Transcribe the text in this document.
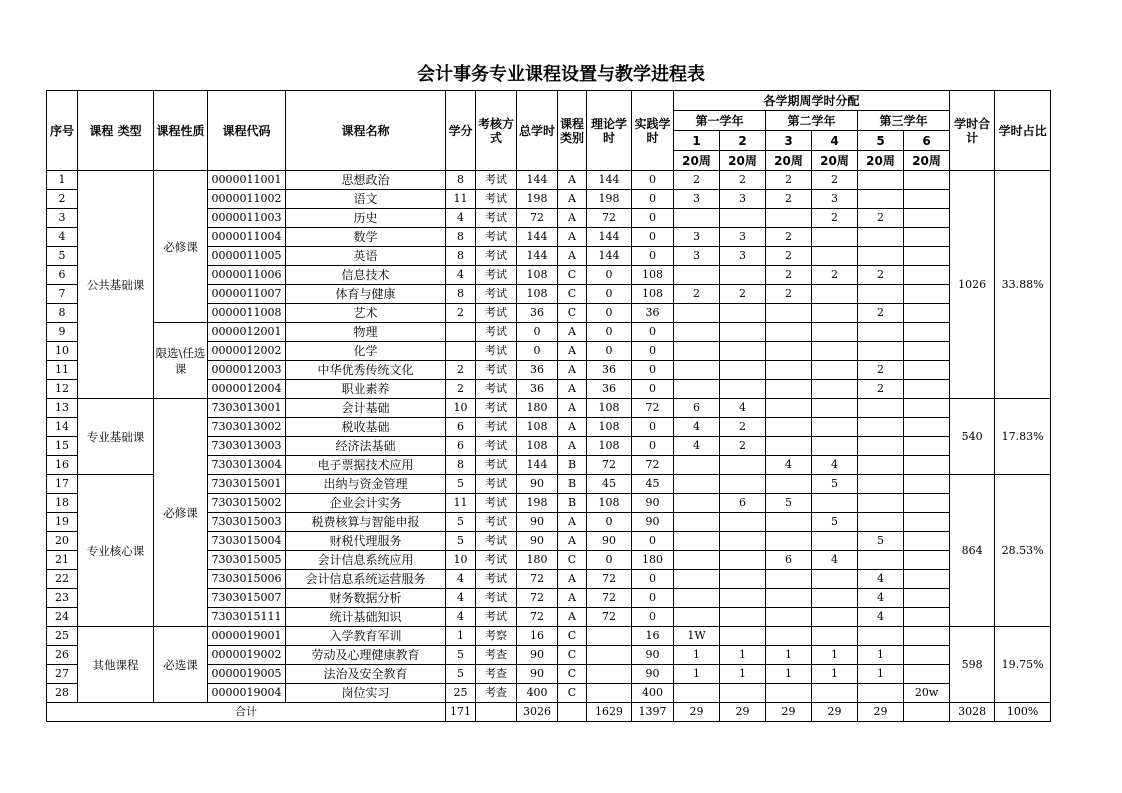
会计事务专业课程设置与教学进程表
序号	课程 类型	课程性质	课程代码	课程名称	学分	考核方式	总学时	课程类别	理论学时	实践学时	各学期周学时分配						学时合计	学时占比
											第一学年		第二学年		第三学年			
											1	2	3	4	5	6		
											20周	20周	20周	20周	20周	20周		
1	公共基础课	必修课	0000011001	思想政治	8	考试	144	A	144	0	2	2	2	2			1026	33.88%
2			0000011002	语文	11	考试	198	A	198	0	3	3	2	3				
3			0000011003	历史	4	考试	72	A	72	0				2	2			
4			0000011004	数学	8	考试	144	A	144	0	3	3	2					
5			0000011005	英语	8	考试	144	A	144	0	3	3	2					
6			0000011006	信息技术	4	考试	108	C	0	108			2	2	2			
7			0000011007	体育与健康	8	考试	108	C	0	108	2	2	2					
8			0000011008	艺术	2	考试	36	C	0	36					2			
9		限选\任选课	0000012001	物理		考试	0	A	0	0								
10			0000012002	化学		考试	0	A	0	0								
11			0000012003	中华优秀传统文化	2	考试	36	A	36	0					2			
12			0000012004	职业素养	2	考试	36	A	36	0					2			
13	专业基础课	必修课	7303013001	会计基础	10	考试	180	A	108	72	6	4					540	17.83%
14			7303013002	税收基础	6	考试	108	A	108	0	4	2						
15			7303013003	经济法基础	6	考试	108	A	108	0	4	2						
16			7303013004	电子票据技术应用	8	考试	144	B	72	72			4	4				
17	专业核心课		7303015001	出纳与资金管理	5	考试	90	B	45	45				5			864	28.53%
18			7303015002	企业会计实务	11	考试	198	B	108	90		6	5					
19			7303015003	税费核算与智能申报	5	考试	90	A	0	90				5				
20			7303015004	财税代理服务	5	考试	90	A	90	0					5			
21			7303015005	会计信息系统应用	10	考试	180	C	0	180			6	4				
22			7303015006	会计信息系统运营服务	4	考试	72	A	72	0					4			
23			7303015007	财务数据分析	4	考试	72	A	72	0					4			
24			7303015111	统计基础知识	4	考试	72	A	72	0					4			
25	其他课程	必选课	0000019001	入学教育军训	1	考察	16	C		16	1W						598	19.75%
26			0000019002	劳动及心理健康教育	5	考查	90	C		90	1	1	1	1	1			
27			0000019005	法治及安全教育	5	考查	90	C		90	1	1	1	1	1			
28			0000019004	岗位实习	25	考查	400	C		400						20w		
合计					171		3026		1629	1397	29	29	29	29	29		3028	100%
